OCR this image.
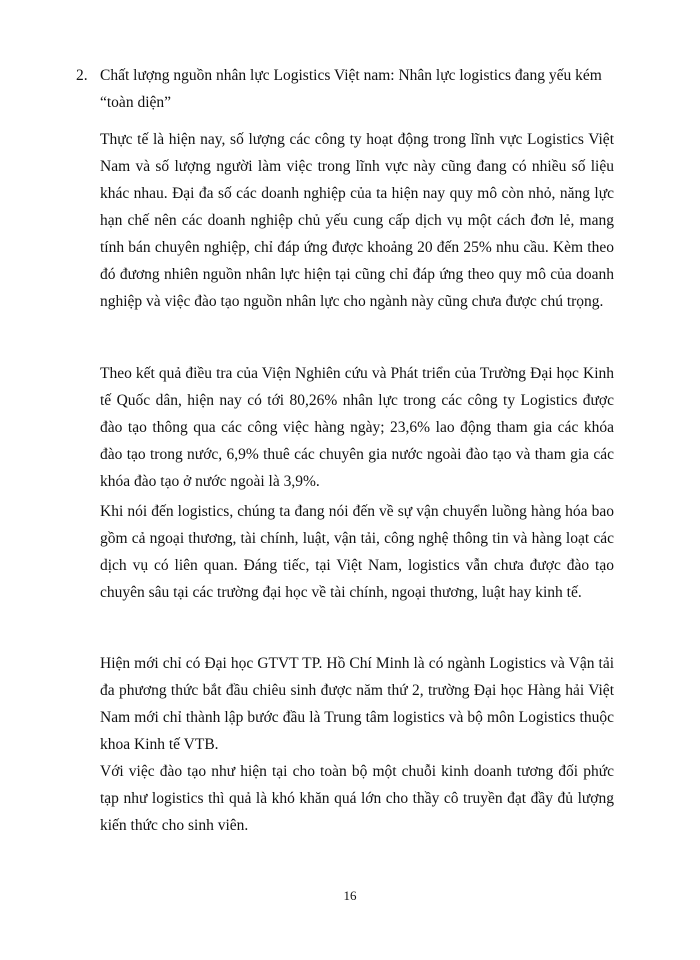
2. Chất lượng nguồn nhân lực Logistics Việt nam: Nhân lực logistics đang yếu kém “toàn diện”

Thực tế là hiện nay, số lượng các công ty hoạt động trong lĩnh vực Logistics Việt Nam và số lượng người làm việc trong lĩnh vực này cũng đang có nhiều số liệu khác nhau. Đại đa số các doanh nghiệp của ta hiện nay quy mô còn nhỏ, năng lực hạn chế nên các doanh nghiệp chủ yếu cung cấp dịch vụ một cách đơn lẻ, mang tính bán chuyên nghiệp, chỉ đáp ứng được khoảng 20 đến 25% nhu cầu. Kèm theo đó đương nhiên nguồn nhân lực hiện tại cũng chỉ đáp ứng theo quy mô của doanh nghiệp và việc đào tạo nguồn nhân lực cho ngành này cũng chưa được chú trọng.

Theo kết quả điều tra của Viện Nghiên cứu và Phát triển của Trường Đại học Kinh tế Quốc dân, hiện nay có tới 80,26% nhân lực trong các công ty Logistics được đào tạo thông qua các công việc hàng ngày; 23,6% lao động tham gia các khóa đào tạo trong nước, 6,9% thuê các chuyên gia nước ngoài đào tạo và tham gia các khóa đào tạo ở nước ngoài là 3,9%.

Khi nói đến logistics, chúng ta đang nói đến về sự vận chuyển luồng hàng hóa bao gồm cả ngoại thương, tài chính, luật, vận tải, công nghệ thông tin và hàng loạt các dịch vụ có liên quan. Đáng tiếc, tại Việt Nam, logistics vẫn chưa được đào tạo chuyên sâu tại các trường đại học về tài chính, ngoại thương, luật hay kinh tế.

Hiện mới chỉ có Đại học GTVT TP. Hồ Chí Minh là có ngành Logistics và Vận tải đa phương thức bắt đầu chiêu sinh được năm thứ 2, trường Đại học Hàng hải Việt Nam mới chỉ thành lập bước đầu là Trung tâm logistics và bộ môn Logistics thuộc khoa Kinh tế VTB.

Với việc đào tạo như hiện tại cho toàn bộ một chuỗi kinh doanh tương đối phức tạp như logistics thì quả là khó khăn quá lớn cho thầy cô truyền đạt đầy đủ lượng kiến thức cho sinh viên.

16
